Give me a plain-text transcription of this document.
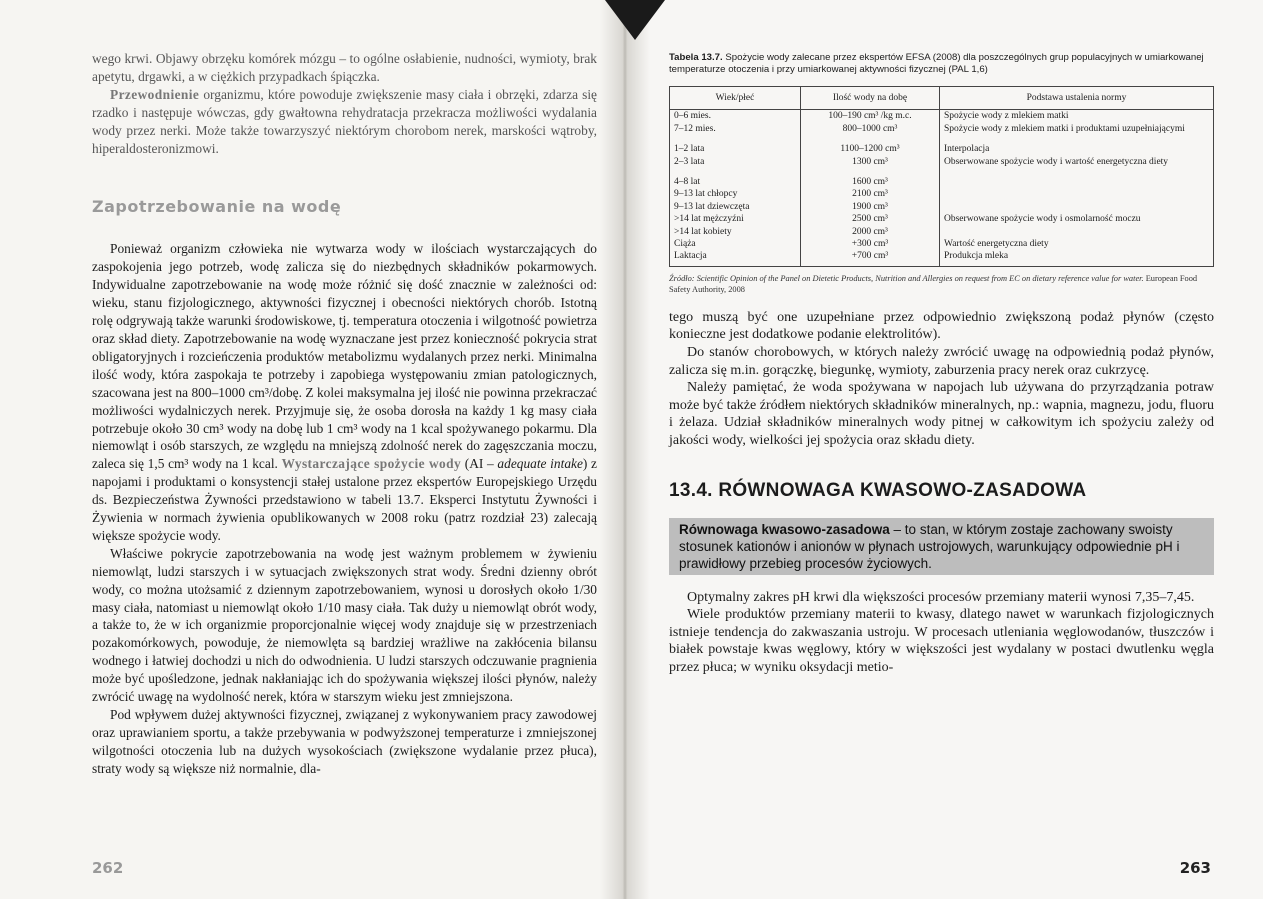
wego krwi. Objawy obrzęku komórek mózgu – to ogólne osłabienie, nudności, wymioty, brak apetytu, drgawki, a w ciężkich przypadkach śpiączka.

Przewodnienie organizmu, które powoduje zwiększenie masy ciała i obrzęki, zdarza się rzadko i następuje wówczas, gdy gwałtowna rehydratacja przekracza możliwości wydalania wody przez nerki. Może także towarzyszyć niektórym chorobom nerek, marskości wątroby, hiperaldosteronizmowi.

Zapotrzebowanie na wodę

Ponieważ organizm człowieka nie wytwarza wody w ilościach wystarczających do zaspokojenia jego potrzeb, wodę zalicza się do niezbędnych składników pokarmowych. Indywidualne zapotrzebowanie na wodę może różnić się dość znacznie w zależności od: wieku, stanu fizjologicznego, aktywności fizycznej i obecności niektórych chorób. Istotną rolę odgrywają także warunki środowiskowe, tj. temperatura otoczenia i wilgotność powietrza oraz skład diety. Zapotrzebowanie na wodę wyznaczane jest przez konieczność pokrycia strat obligatoryjnych i rozcieńczenia produktów metabolizmu wydalanych przez nerki. Minimalna ilość wody, która zaspokaja te potrzeby i zapobiega występowaniu zmian patologicznych, szacowana jest na 800–1000 cm³/dobę. Z kolei maksymalna jej ilość nie powinna przekraczać możliwości wydalniczych nerek. Przyjmuje się, że osoba dorosła na każdy 1 kg masy ciała potrzebuje około 30 cm³ wody na dobę lub 1 cm³ wody na 1 kcal spożywanego pokarmu. Dla niemowląt i osób starszych, ze względu na mniejszą zdolność nerek do zagęszczania moczu, zaleca się 1,5 cm³ wody na 1 kcal. Wystarczające spożycie wody (AI – adequate intake) z napojami i produktami o konsystencji stałej ustalone przez ekspertów Europejskiego Urzędu ds. Bezpieczeństwa Żywności przedstawiono w tabeli 13.7. Eksperci Instytutu Żywności i Żywienia w normach żywienia opublikowanych w 2008 roku (patrz rozdział 23) zalecają większe spożycie wody.

Właściwe pokrycie zapotrzebowania na wodę jest ważnym problemem w żywieniu niemowląt, ludzi starszych i w sytuacjach zwiększonych strat wody. Średni dzienny obrót wody, co można utożsamić z dziennym zapotrzebowaniem, wynosi u dorosłych około 1/30 masy ciała, natomiast u niemowląt około 1/10 masy ciała. Tak duży u niemowląt obrót wody, a także to, że w ich organizmie proporcjonalnie więcej wody znajduje się w przestrzeniach pozakomórkowych, powoduje, że niemowlęta są bardziej wrażliwe na zakłócenia bilansu wodnego i łatwiej dochodzi u nich do odwodnienia. U ludzi starszych odczuwanie pragnienia może być upośledzone, jednak nakłaniając ich do spożywania większej ilości płynów, należy zwrócić uwagę na wydolność nerek, która w starszym wieku jest zmniejszona.

Pod wpływem dużej aktywności fizycznej, związanej z wykonywaniem pracy zawodowej oraz uprawianiem sportu, a także przebywania w podwyższonej temperaturze i zmniejszonej wilgotności otoczenia lub na dużych wysokościach (zwiększone wydalanie przez płuca), straty wody są większe niż normalnie, dla-

262
Tabela 13.7. Spożycie wody zalecane przez ekspertów EFSA (2008) dla poszczególnych grup populacyjnych w umiarkowanej temperaturze otoczenia i przy umiarkowanej aktywności fizycznej (PAL 1,6)
Wiek/płeć	Ilość wody na dobę	Podstawa ustalenia normy
0–6 mies.	100–190 cm³ /kg m.c.	Spożycie wody z mlekiem matki
7–12 mies.	800–1000 cm³	Spożycie wody z mlekiem matki i produktami uzupełniającymi

1–2 lata	1100–1200 cm³	Interpolacja
2–3 lata	1300 cm³	Obserwowane spożycie wody i wartość energetyczna diety

4–8 lat	1600 cm³	
9–13 lat chłopcy	2100 cm³	
9–13 lat dziewczęta	1900 cm³	
>14 lat mężczyźni	2500 cm³	Obserwowane spożycie wody i osmolarność moczu
>14 lat kobiety	2000 cm³	
Ciąża	+300 cm³	Wartość energetyczna diety
Laktacja	+700 cm³	Produkcja mleka
Źródło: Scientific Opinion of the Panel on Dietetic Products, Nutrition and Allergies on request from EC on dietary reference value for water. European Food Safety Authority, 2008

tego muszą być one uzupełniane przez odpowiednio zwiększoną podaż płynów (często konieczne jest dodatkowe podanie elektrolitów).

Do stanów chorobowych, w których należy zwrócić uwagę na odpowiednią podaż płynów, zalicza się m.in. gorączkę, biegunkę, wymioty, zaburzenia pracy nerek oraz cukrzycę.

Należy pamiętać, że woda spożywana w napojach lub używana do przyrządzania potraw może być także źródłem niektórych składników mineralnych, np.: wapnia, magnezu, jodu, fluoru i żelaza. Udział składników mineralnych wody pitnej w całkowitym ich spożyciu zależy od jakości wody, wielkości jej spożycia oraz składu diety.

13.4. RÓWNOWAGA KWASOWO-ZASADOWA
Równowaga kwasowo-zasadowa – to stan, w którym zostaje zachowany swoisty stosunek kationów i anionów w płynach ustrojowych, warunkujący odpowiednie pH i prawidłowy przebieg procesów życiowych.

Optymalny zakres pH krwi dla większości procesów przemiany materii wynosi 7,35–7,45.

Wiele produktów przemiany materii to kwasy, dlatego nawet w warunkach fizjologicznych istnieje tendencja do zakwaszania ustroju. W procesach utleniania węglowodanów, tłuszczów i białek powstaje kwas węglowy, który w większości jest wydalany w postaci dwutlenku węgla przez płuca; w wyniku oksydacji metio-

263
